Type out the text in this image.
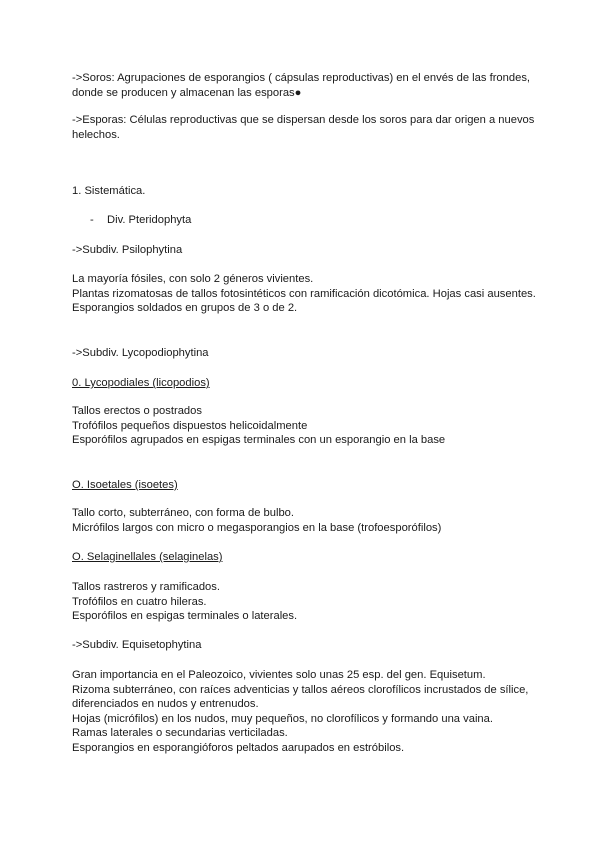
->Soros: Agrupaciones de esporangios ( cápsulas reproductivas) en el envés de las frondes, donde se producen y almacenan las esporas●

->Esporas: Células reproductivas que se dispersan desde los soros para dar origen a nuevos helechos.

1. Sistemática.

- Div. Pteridophyta

->Subdiv. Psilophytina

La mayoría fósiles, con solo 2 géneros vivientes.
Plantas rizomatosas de tallos fotosintéticos con ramificación dicotómica. Hojas casi ausentes.
Esporangios soldados en grupos de 3 o de 2.

->Subdiv. Lycopodiophytina

0. Lycopodiales (licopodios)

Tallos erectos o postrados
Trofófilos pequeños dispuestos helicoidalmente
Esporófilos agrupados en espigas terminales con un esporangio en la base

O. Isoetales (isoetes)

Tallo corto, subterráneo, con forma de bulbo.
Micrófilos largos con micro o megasporangios en la base (trofoesporófilos)

O. Selaginellales (selaginelas)

Tallos rastreros y ramificados.
Trofófilos en cuatro hileras.
Esporófilos en espigas terminales o laterales.

->Subdiv. Equisetophytina

Gran importancia en el Paleozoico, vivientes solo unas 25 esp. del gen. Equisetum.
Rizoma subterráneo, con raíces adventicias y tallos aéreos clorofílicos incrustados de sílice, diferenciados en nudos y entrenudos.
Hojas (micrófilos) en los nudos, muy pequeños, no clorofílicos y formando una vaina.
Ramas laterales o secundarias verticiladas.
Esporangios en esporangióforos peltados aarupados en estróbilos.
